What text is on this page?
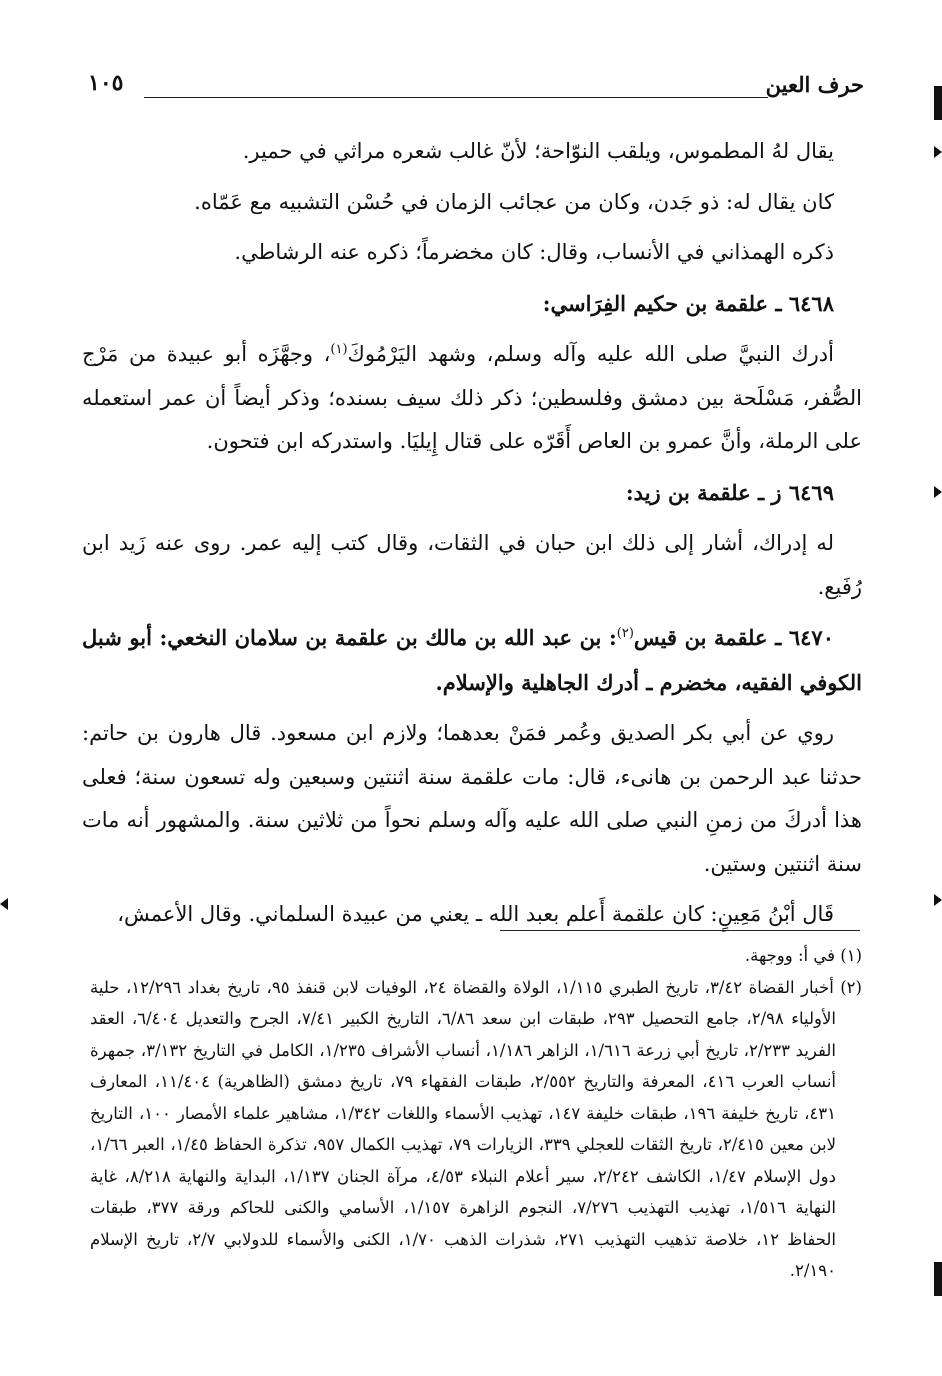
حرف العين
١٠٥

يقال لهُ المطموس، ويلقب النوّاحة؛ لأنّ غالب شعره مراثي في حمير.

كان يقال له: ذو جَدن، وكان من عجائب الزمان في حُسْن التشبيه مع عَمّاه.

ذكره الهمذاني في الأنساب، وقال: كان مخضرماً؛ ذكره عنه الرشاطي.

٦٤٦٨ ـ علقمة بن حكيم الفِرَاسي:

أدرك النبيَّ صلى الله عليه وآله وسلم، وشهد اليَرْمُوكَ$^{(١)}$، وجهَّزَه أبو عبيدة من مَرْج الصُّفر، مَسْلَحة بين دمشق وفلسطين؛ ذكر ذلك سيف بسنده؛ وذكر أيضاً أن عمر استعمله على الرملة، وأنَّ عمرو بن العاص أَقَرّه على قتال إِيليَا. واستدركه ابن فتحون.

٦٤٦٩ ز ـ علقمة بن زيد:

له إدراك، أشار إلى ذلك ابن حبان في الثقات، وقال كتب إليه عمر. روى عنه زَيد ابن رُفَيع.

٦٤٧٠ ـ علقمة بن قيس$^{(٢)}$: بن عبد الله بن مالك بن علقمة بن سلامان النخعي: أبو شبل الكوفي الفقيه، مخضرم ـ أدرك الجاهلية والإسلام.

روي عن أبي بكر الصديق وعُمر فمَنْ بعدهما؛ ولازم ابن مسعود. قال هارون بن حاتم: حدثنا عبد الرحمن بن هانىء، قال: مات علقمة سنة اثنتين وسبعين وله تسعون سنة؛ فعلى هذا أدركَ من زمنِ النبي صلى الله عليه وآله وسلم نحواً من ثلاثين سنة. والمشهور أنه مات سنة اثنتين وستين.

قَال أبْنُ مَعِينٍ: كان علقمة أَعلم بعبد الله ـ يعني من عبيدة السلماني. وقال الأعمش،

(١) في أ: ووجهة.

(٢) أخبار القضاة ٣/٤٢، تاريخ الطبري ١/١١٥، الولاة والقضاة ٢٤، الوفيات لابن قنفذ ٩٥، تاريخ بغداد ١٢/٢٩٦، حلية الأولياء ٢/٩٨، جامع التحصيل ٢٩٣، طبقات ابن سعد ٦/٨٦، التاريخ الكبير ٧/٤١، الجرح والتعديل ٦/٤٠٤، العقد الفريد ٢/٢٣٣، تاريخ أبي زرعة ١/٦١٦، الزاهر ١/١٨٦، أنساب الأشراف ١/٢٣٥، الكامل في التاريخ ٣/١٣٢، جمهرة أنساب العرب ٤١٦، المعرفة والتاريخ ٢/٥٥٢، طبقات الفقهاء ٧٩، تاريخ دمشق (الظاهرية) ١١/٤٠٤، المعارف ٤٣١، تاريخ خليفة ١٩٦، طبقات خليفة ١٤٧، تهذيب الأسماء واللغات ١/٣٤٢، مشاهير علماء الأمصار ١٠٠، التاريخ لابن معين ٢/٤١٥، تاريخ الثقات للعجلي ٣٣٩، الزيارات ٧٩، تهذيب الكمال ٩٥٧، تذكرة الحفاظ ١/٤٥، العبر ١/٦٦، دول الإسلام ١/٤٧، الكاشف ٢/٢٤٢، سير أعلام النبلاء ٤/٥٣، مرآة الجنان ١/١٣٧، البداية والنهاية ٨/٢١٨، غاية النهاية ١/٥١٦، تهذيب التهذيب ٧/٢٧٦، النجوم الزاهرة ١/١٥٧، الأسامي والكنى للحاكم ورقة ٣٧٧، طبقات الحفاظ ١٢، خلاصة تذهيب التهذيب ٢٧١، شذرات الذهب ١/٧٠، الكنى والأسماء للدولابي ٢/٧، تاريخ الإسلام ٢/١٩٠.
